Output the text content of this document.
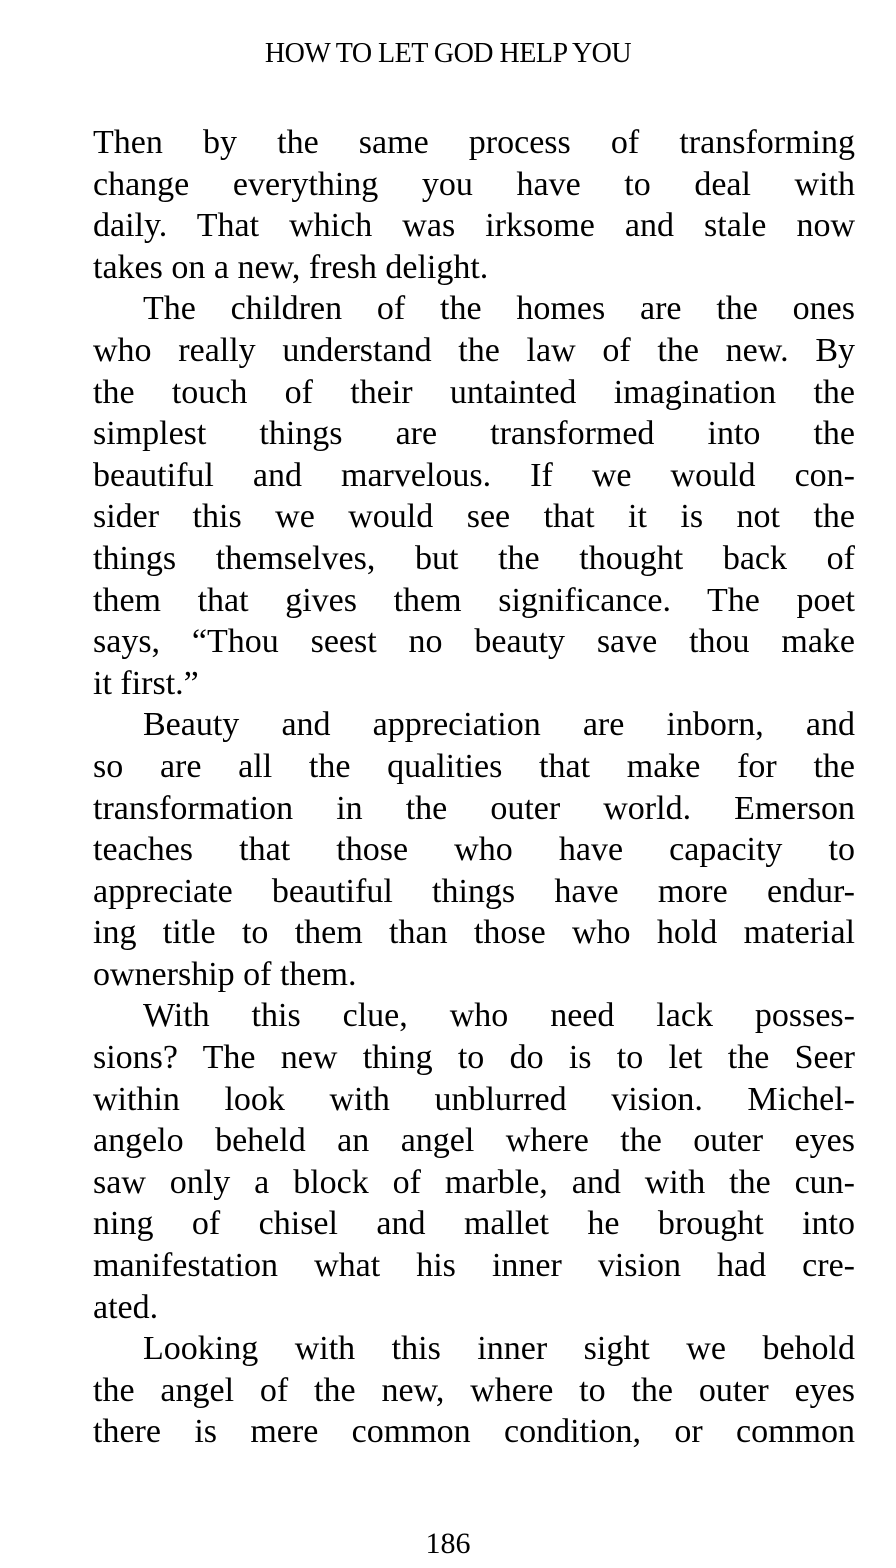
HOW TO LET GOD HELP YOU
Then by the same process of transforming
change everything you have to deal with
daily. That which was irksome and stale now
takes on a new, fresh delight.
The children of the homes are the ones
who really understand the law of the new. By
the touch of their untainted imagination the
simplest things are transformed into the
beautiful and marvelous. If we would con-
sider this we would see that it is not the
things themselves, but the thought back of
them that gives them significance. The poet
says, “Thou seest no beauty save thou make
it first.”
Beauty and appreciation are inborn, and
so are all the qualities that make for the
transformation in the outer world. Emerson
teaches that those who have capacity to
appreciate beautiful things have more endur-
ing title to them than those who hold material
ownership of them.
With this clue, who need lack posses-
sions? The new thing to do is to let the Seer
within look with unblurred vision. Michel-
angelo beheld an angel where the outer eyes
saw only a block of marble, and with the cun-
ning of chisel and mallet he brought into
manifestation what his inner vision had cre-
ated.
Looking with this inner sight we behold
the angel of the new, where to the outer eyes
there is mere common condition, or common
186
